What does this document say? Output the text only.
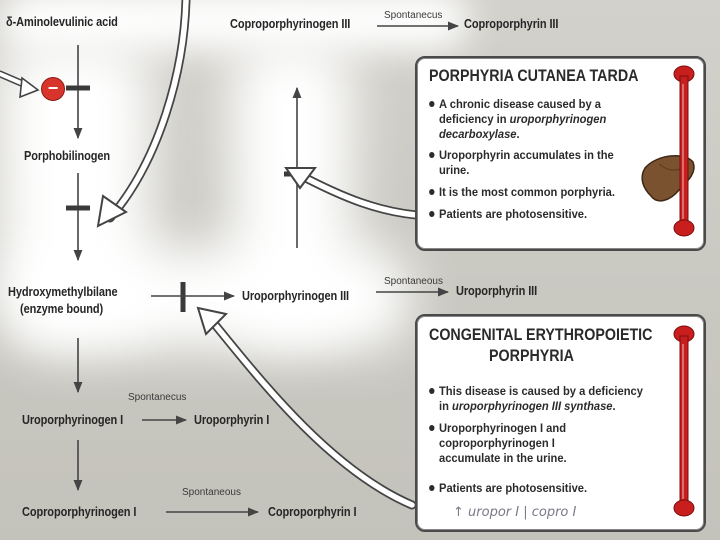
−

δ-Aminolevulinic acid

Porphobilinogen

Hydroxymethylbilane

(enzyme bound)

Coproporphyrinogen III

Spontanecus

Coproporphyrin III

Uroporphyrinogen III

Spontaneous

Uroporphyrin III

Uroporphyrinogen I

Spontanecus

Uroporphyrin I

Coproporphyrinogen I

Spontaneous

Coproporphyrin I

PORPHYRIA CUTANEA TARDA

A chronic disease caused by a deficiency in uroporphyrinogen decarboxylase.
Uroporphyrin accumulates in the urine.
It is the most common porphyria.
Patients are photosensitive.

CONGENITAL ERYTHROPOIETIC

PORPHYRIA

This disease is caused by a deficiency in uroporphyrinogen III synthase.
Uroporphyrinogen I and coproporphyrinogen I accumulate in the urine.
Patients are photosensitive.

↑ uropor I | copro I
